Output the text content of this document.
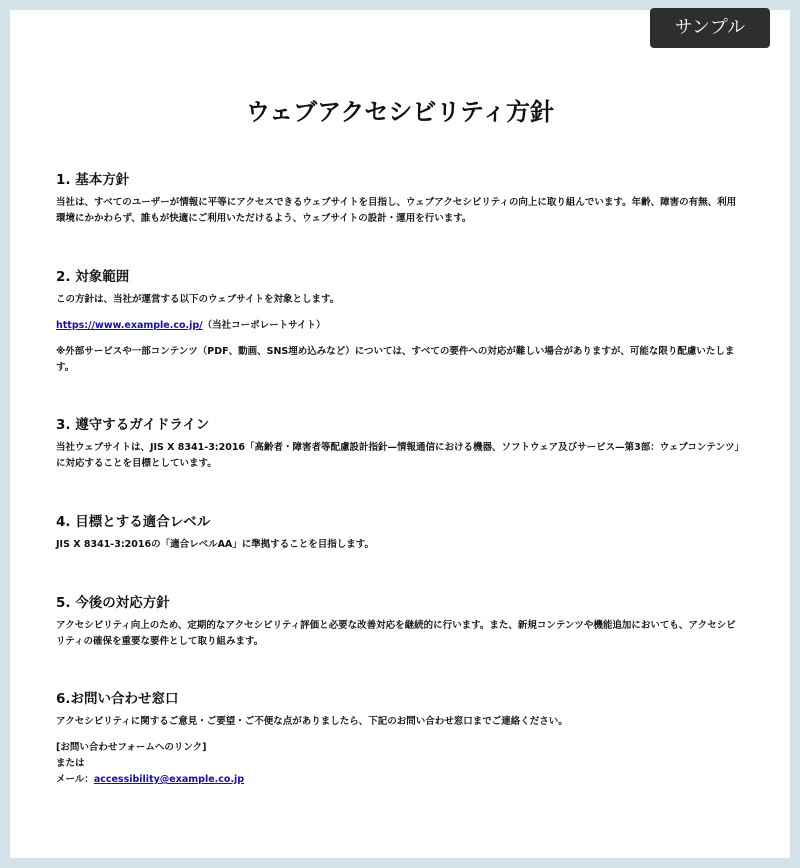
サンプル
ウェブアクセシビリティ方針
1. 基本方針

当社は、すべてのユーザーが情報に平等にアクセスできるウェブサイトを目指し、ウェブアクセシビリティの向上に取り組んでいます。年齢、障害の有無、利用環境にかかわらず、誰もが快適にご利用いただけるよう、ウェブサイトの設計・運用を行います。

2. 対象範囲

この方針は、当社が運営する以下のウェブサイトを対象とします。

https://www.example.co.jp/（当社コーポレートサイト）

※外部サービスや一部コンテンツ（PDF、動画、SNS埋め込みなど）については、すべての要件への対応が難しい場合がありますが、可能な限り配慮いたします。

3. 遵守するガイドライン

当社ウェブサイトは、JIS X 8341-3:2016「高齢者・障害者等配慮設計指針—情報通信における機器、ソフトウェア及びサービス—第3部：ウェブコンテンツ」に対応することを目標としています。

4. 目標とする適合レベル

JIS X 8341-3:2016の「適合レベルAA」に準拠することを目指します。

5. 今後の対応方針

アクセシビリティ向上のため、定期的なアクセシビリティ評価と必要な改善対応を継続的に行います。また、新規コンテンツや機能追加においても、アクセシビリティの確保を重要な要件として取り組みます。

6.お問い合わせ窓口

アクセシビリティに関するご意見・ご要望・ご不便な点がありましたら、下記のお問い合わせ窓口までご連絡ください。

[お問い合わせフォームへのリンク]

または

メール：accessibility@example.co.jp
